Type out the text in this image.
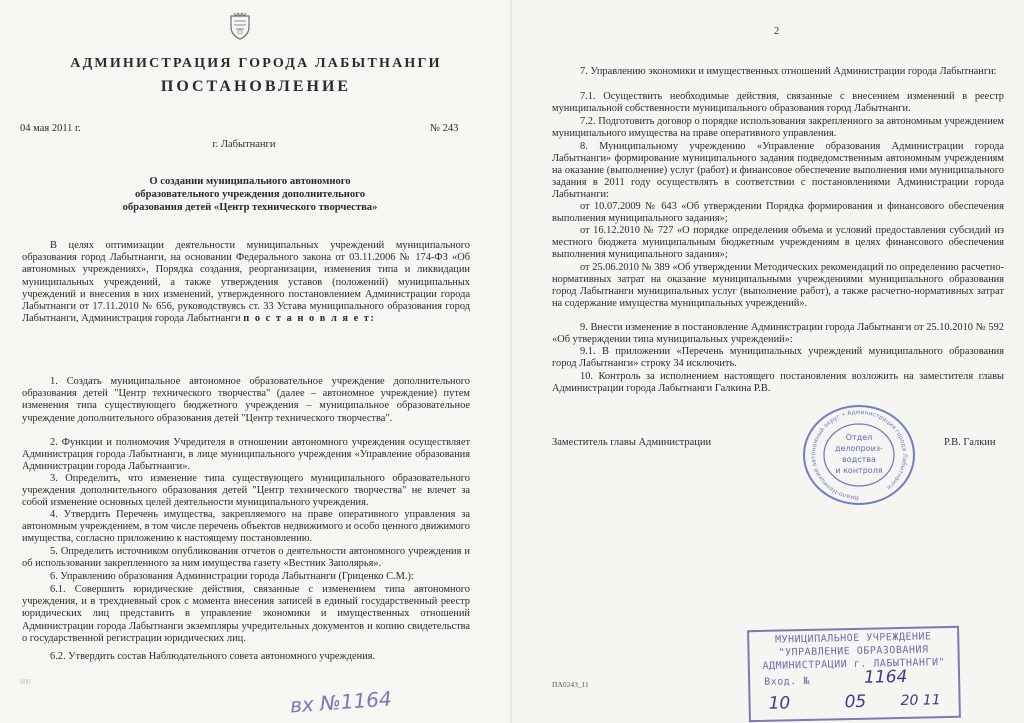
АДМИНИСТРАЦИЯ ГОРОДА ЛАБЫТНАНГИ
ПОСТАНОВЛЕНИЕ
04 мая 2011 г.	№ 243
г. Лабытнанги
О создании муниципального автономного
образовательного учреждения дополнительного
образования детей «Центр технического творчества»
В целях оптимизации деятельности муниципальных учреждений муниципального образования город Лабытнанги, на основании Федерального закона от 03.11.2006 № 174-ФЗ «Об автономных учреждениях», Порядка создания, реорганизации, изменения типа и ликвидации муниципальных учреждений, а также утверждения уставов (положений) муниципальных учреждений и внесения в них изменений, утвержденного постановлением Администрации города Лабытнанги от 17.11.2010 № 656, руководствуясь ст. 33 Устава муниципального образования город Лабытнанги, Администрация города Лабытнанги п о с т а н о в л я е т:
1. Создать муниципальное автономное образовательное учреждение дополнительного образования детей "Центр технического творчества" (далее – автономное учреждение) путем изменения типа существующего бюджетного учреждения – муниципальное образовательное учреждение дополнительного образования детей "Центр технического творчества".
2. Функции и полномочия Учредителя в отношении автономного учреждения осуществляет Администрация города Лабытнанги, в лице муниципального учреждения «Управление образования Администрации города Лабытнанги».
3. Определить, что изменение типа существующего муниципального образовательного учреждения дополнительного образования детей "Центр технического творчества" не влечет за собой изменение основных целей деятельности муниципального учреждения.
4. Утвердить Перечень имущества, закрепляемого на праве оперативного управления за автономным учреждением, в том числе перечень объектов недвижимого и особо ценного движимого имущества, согласно приложению к настоящему постановлению.
5. Определить источником опубликования отчетов о деятельности автономного учреждения и об использовании закрепленного за ним имущества газету «Вестник Заполярья».
6. Управлению образования Администрации города Лабытнанги (Гриценко С.М.):
6.1. Совершить юридические действия, связанные с изменением типа автономного учреждения, и в трехдневный срок с момента внесения записей в единый государственный реестр юридических лиц представить в управление экономики и имущественных отношений Администрации города Лабытнанги экземпляры учредительных документов и копию свидетельства о государственной регистрации юридических лиц.
6.2. Утвердить состав Наблюдательного совета автономного учреждения.
000
вх №1164
2
7. Управлению экономики и имущественных отношений Администрации города Лабытнанги:
7.1. Осуществить необходимые действия, связанные с внесением изменений в реестр муниципальной собственности муниципального образования город Лабытнанги.
7.2. Подготовить договор о порядке использования закрепленного за автономным учреждением муниципального имущества на праве оперативного управления.
8. Муниципальному учреждению «Управление образования Администрации города Лабытнанги» формирование муниципального задания подведомственным автономным учреждениям на оказание (выполнение) услуг (работ) и финансовое обеспечение выполнения ими муниципального задания в 2011 году осуществлять в соответствии с постановлениями Администрации города Лабытнанги:
от 10.07.2009 № 643 «Об утверждении Порядка формирования и финансового обеспечения выполнения муниципального задания»;
от 16.12.2010 № 727 «О порядке определения объема и условий предоставления субсидий из местного бюджета муниципальным бюджетным учреждениям в целях финансового обеспечения выполнения муниципального задания»;
от 25.06.2010 № 389 «Об утверждении Методических рекомендаций по определению расчетно-нормативных затрат на оказание муниципальными учреждениями муниципального образования город Лабытнанги муниципальных услуг (выполнение работ), а также расчетно-нормативных затрат на содержание имущества муниципальных учреждений».
9. Внести изменение в постановление Администрации города Лабытнанги от 25.10.2010 № 592 «Об утверждении типа муниципальных учреждений»:
9.1. В приложении «Перечень муниципальных учреждений муниципального образования город Лабытнанги» строку 34 исключить.
10. Контроль за исполнением настоящего постановления возложить на заместителя главы Администрации города Лабытнанги Галкина Р.В.
Заместитель главы Администрации	Р.В. Галкин
Ямало-Ненецкий автономный округ • Администрация города Лабытнанги
Отдел
делопроиз-
водства
и контроля
ПА0243_11
МУНИЦИПАЛЬНОЕ УЧРЕЖДЕНИЕ
"УПРАВЛЕНИЕ ОБРАЗОВАНИЯ
АДМИНИСТРАЦИИ г. ЛАБЫТНАНГИ"
Вход. №	1164
10	05 20 11
